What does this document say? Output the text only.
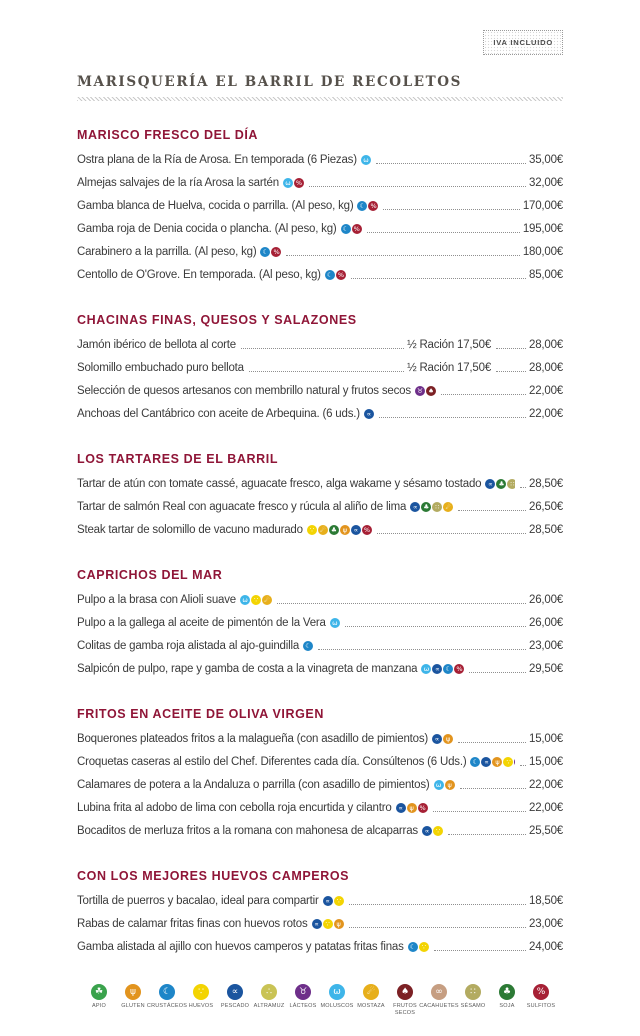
IVA INCLUIDO
MARISQUERÍA EL BARRIL DE RECOLETOS
MARISCO FRESCO DEL DÍA
Ostra plana de la Ría de Arosa. En temporada (6 Piezas) ω	35,00€
Almejas salvajes de la ría Arosa la sartén ω %	32,00€
Gamba blanca de Huelva, cocida o parrilla. (Al peso, kg) ☾ %	170,00€
Gamba roja de Denia cocida o plancha. (Al peso, kg) ☾ %	195,00€
Carabinero a la parrilla. (Al peso, kg) ☾ %	180,00€
Centollo de O'Grove. En temporada. (Al peso, kg) ☾ %	85,00€
CHACINAS FINAS, QUESOS Y SALAZONES
Jamón ibérico de bellota al corte	½ Ración 17,50€	28,00€
Solomillo embuchado puro bellota	½ Ración 17,50€	28,00€
Selección de quesos artesanos con membrillo natural y frutos secos ♉ ♠	22,00€
Anchoas del Cantábrico con aceite de Arbequina. (6 uds.)	∝	22,00€
LOS TARTARES DE EL BARRIL
Tartar de atún con tomate cassé, aguacate fresco, alga wakame y sésamo tostado	∝ ♣ ∷ 28,50€
Tartar de salmón Real con aguacate fresco y rúcula al aliño de lima	∝ ♣ ∷ ☄	26,50€
Steak tartar de solomillo de vacuno madurado	∵ ☄ ♣ ψ	∝ %	28,50€
CAPRICHOS DEL MAR
Pulpo a la brasa con Alioli suave ω ∵ ☄	26,00€
Pulpo a la gallega al aceite de pimentón de la Vera ω	26,00€
Colitas de gamba roja alistada al ajo-guindilla ☾	23,00€
Salpicón de pulpo, rape y gamba de costa a la vinagreta de manzana ω ∝ ☾ %	29,50€
FRITOS EN ACEITE DE OLIVA VIRGEN
Boquerones plateados fritos a la malagueña (con asadillo de pimientos)	∝	ψ	15,00€
Croquetas caseras al estilo del Chef. Diferentes cada día. Consúltenos (6 Uds.) ☾ ∝	ψ	∵ 15,00€
Calamares de potera a la Andaluza o parrilla (con asadillo de pimientos) ω ψ	22,00€
Lubina frita al adobo de lima con cebolla roja encurtida y cilantro	∝	ψ %	22,00€
Bocaditos de merluza fritos a la romana con mahonesa de alcaparras	∝	∵	25,50€
CON LOS MEJORES HUEVOS CAMPEROS
Tortilla de puerros y bacalao, ideal para compartir	∝	∵	18,50€
Rabas de calamar fritas finas con huevos rotos	∝	∵	ψ	23,00€
Gamba alistada al ajillo con huevos camperos y patatas fritas finas ☾ ∵	24,00€
☘
APIO
ψ
GLUTEN
☾
CRUSTÁCEOS
∵
HUEVOS
∝
PESCADO
∴
ALTRAMUZ
♉
LÁCTEOS
ω
MOLUSCOS
☄
MOSTAZA
♠
FRUTOS SECOS
∞
CACAHUETES
∷
SÉSAMO
♣
SOJA
%
SULFITOS
